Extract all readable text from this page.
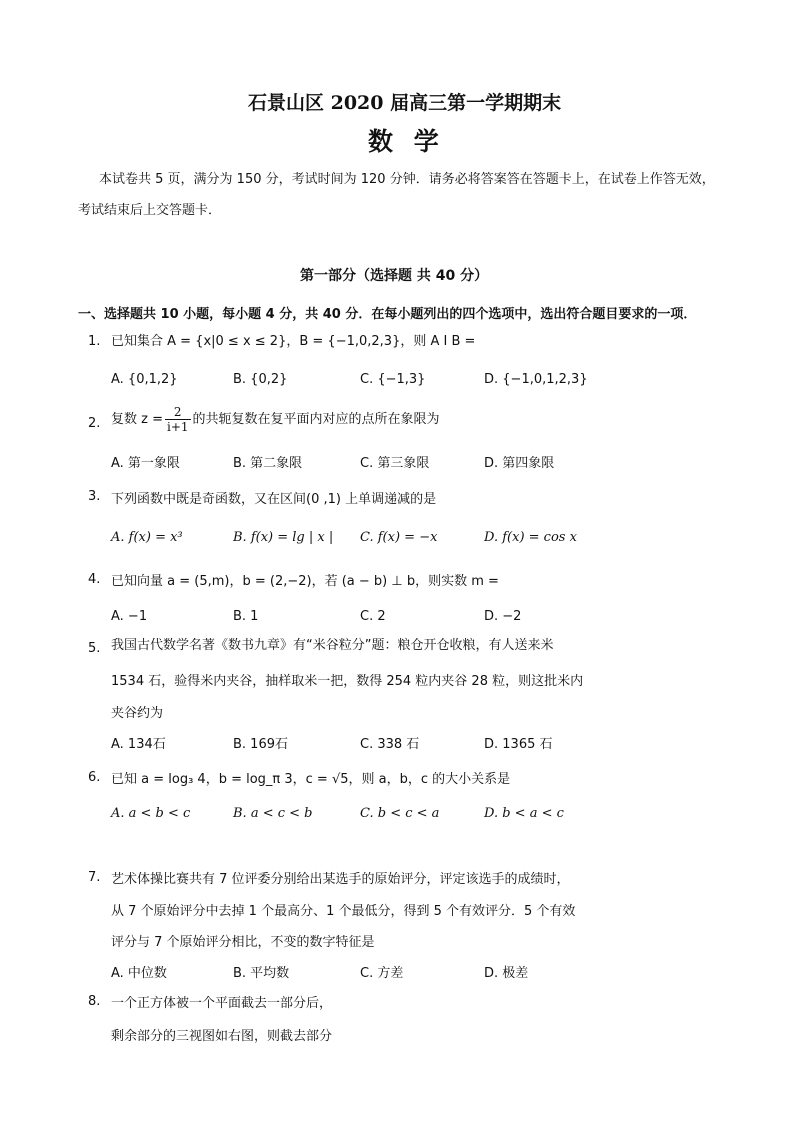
石景山区 2020 届高三第一学期期末
数 学
本试卷共 5 页，满分为 150 分，考试时间为 120 分钟．请务必将答案答在答题卡上，在试卷上作答无效，
考试结束后上交答题卡．
第一部分（选择题 共 40 分）
一、选择题共 10 小题，每小题 4 分，共 40 分．在每小题列出的四个选项中，选出符合题目要求的一项．
1. 已知集合 A = {x|0 ≤ x ≤ 2}，B = {−1,0,2,3}，则 A I B =
A. {0,1,2}	B. {0,2}	C. {−1,3}	D. {−1,0,1,2,3}
2. 复数 $z = \frac{2}{i+1}$ 的共轭复数在复平面内对应的点所在象限为
A. 第一象限	B. 第二象限	C. 第三象限	D. 第四象限
3. 下列函数中既是奇函数，又在区间(0 ,1) 上单调递减的是
A. f(x) = x³	B. f(x) = lg | x | C. f(x) = −x	D. f(x) = cos x
4. 已知向量 a = (5,m)，b = (2,−2)，若 (a − b) ⊥ b，则实数 m =
A. −1	B. 1	C. 2	D. −2
5. 我国古代数学名著《数书九章》有“米谷粒分”题：粮仓开仓收粮，有人送来米
1534 石，验得米内夹谷，抽样取米一把，数得 254 粒内夹谷 28 粒，则这批米内
夹谷约为
A. 134石	B. 169石	C. 338 石	D. 1365 石
6. 已知 a = log₃ 4，b = log_π 3，c = √5，则 a，b，c 的大小关系是
A. a < b < c	B. a < c < b	C. b < c < a	D. b < a < c
7. 艺术体操比赛共有 7 位评委分别给出某选手的原始评分，评定该选手的成绩时，
从 7 个原始评分中去掉 1 个最高分、1 个最低分，得到 5 个有效评分．5 个有效
评分与 7 个原始评分相比，不变的数字特征是
A. 中位数	B. 平均数	C. 方差	D. 极差
8. 一个正方体被一个平面截去一部分后，
剩余部分的三视图如右图，则截去部分
